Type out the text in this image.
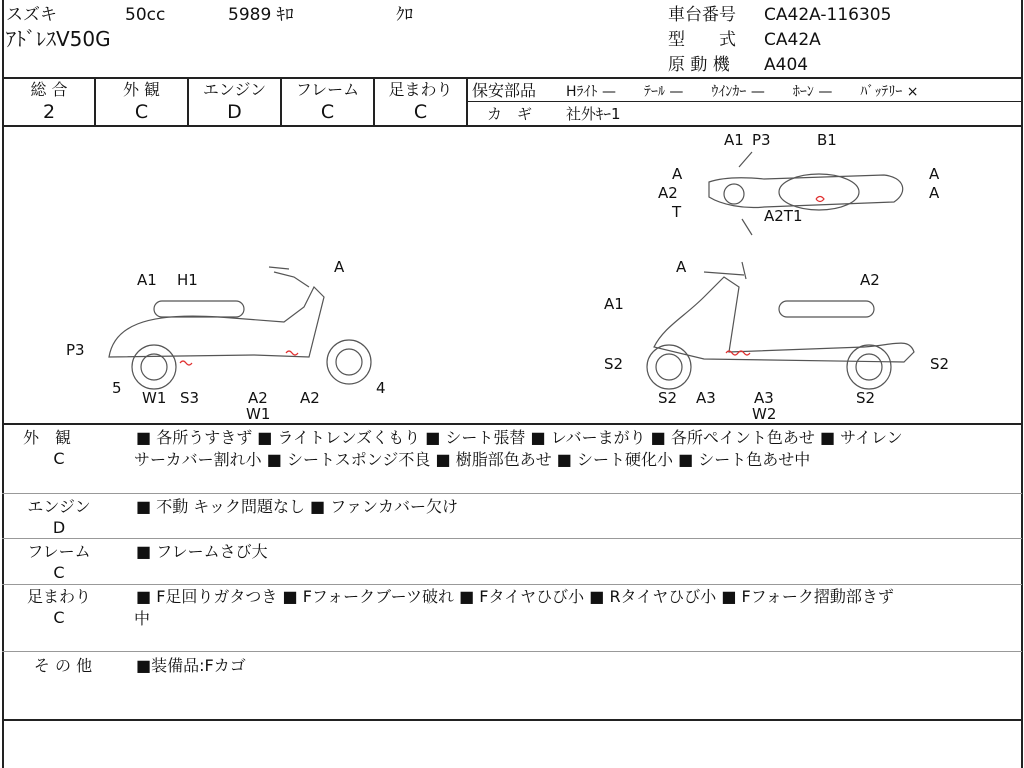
スズキ	50cc	5989 ｷﾛ	ｸﾛ
ｱﾄﾞﾚｽV50G
車台番号 CA42A-116305
型　　式 CA42A
原 動 機 A404
総 合
2
外 観
C
エンジン
D
フレーム
C
足まわり
C
保安部品 Hﾗｲﾄ —　　ﾃｰﾙ —　　ｳｲﾝｶｰ —　　ﾎｰﾝ —　　ﾊﾞｯﾃﾘｰ ×
カ　ギ 社外ｷｰ1
A1 P3	B1
A	A
A
A2
T	A2T1
A
A1 H1
P3
5
W1 S3	A2
W1
A2
4
A
A2
A1
S2
S2 A3	A3
W2
S2
S2
外　観
C
■ 各所うすきず ■ ライトレンズくもり ■ シート張替 ■ レバーまがり ■ 各所ペイント色あせ ■ サイレン
サーカバー割れ小 ■ シートスポンジ不良 ■ 樹脂部色あせ ■ シート硬化小 ■ シート色あせ中
エンジン
D
■ 不動 キック問題なし ■ ファンカバー欠け
フレーム
C
■ フレームさび大
足まわり
C
■ F足回りガタつき ■ Fフォークブーツ破れ ■ Fタイヤひび小 ■ Rタイヤひび小 ■ Fフォーク摺動部きず
中
そ の 他	■装備品:Fカゴ
